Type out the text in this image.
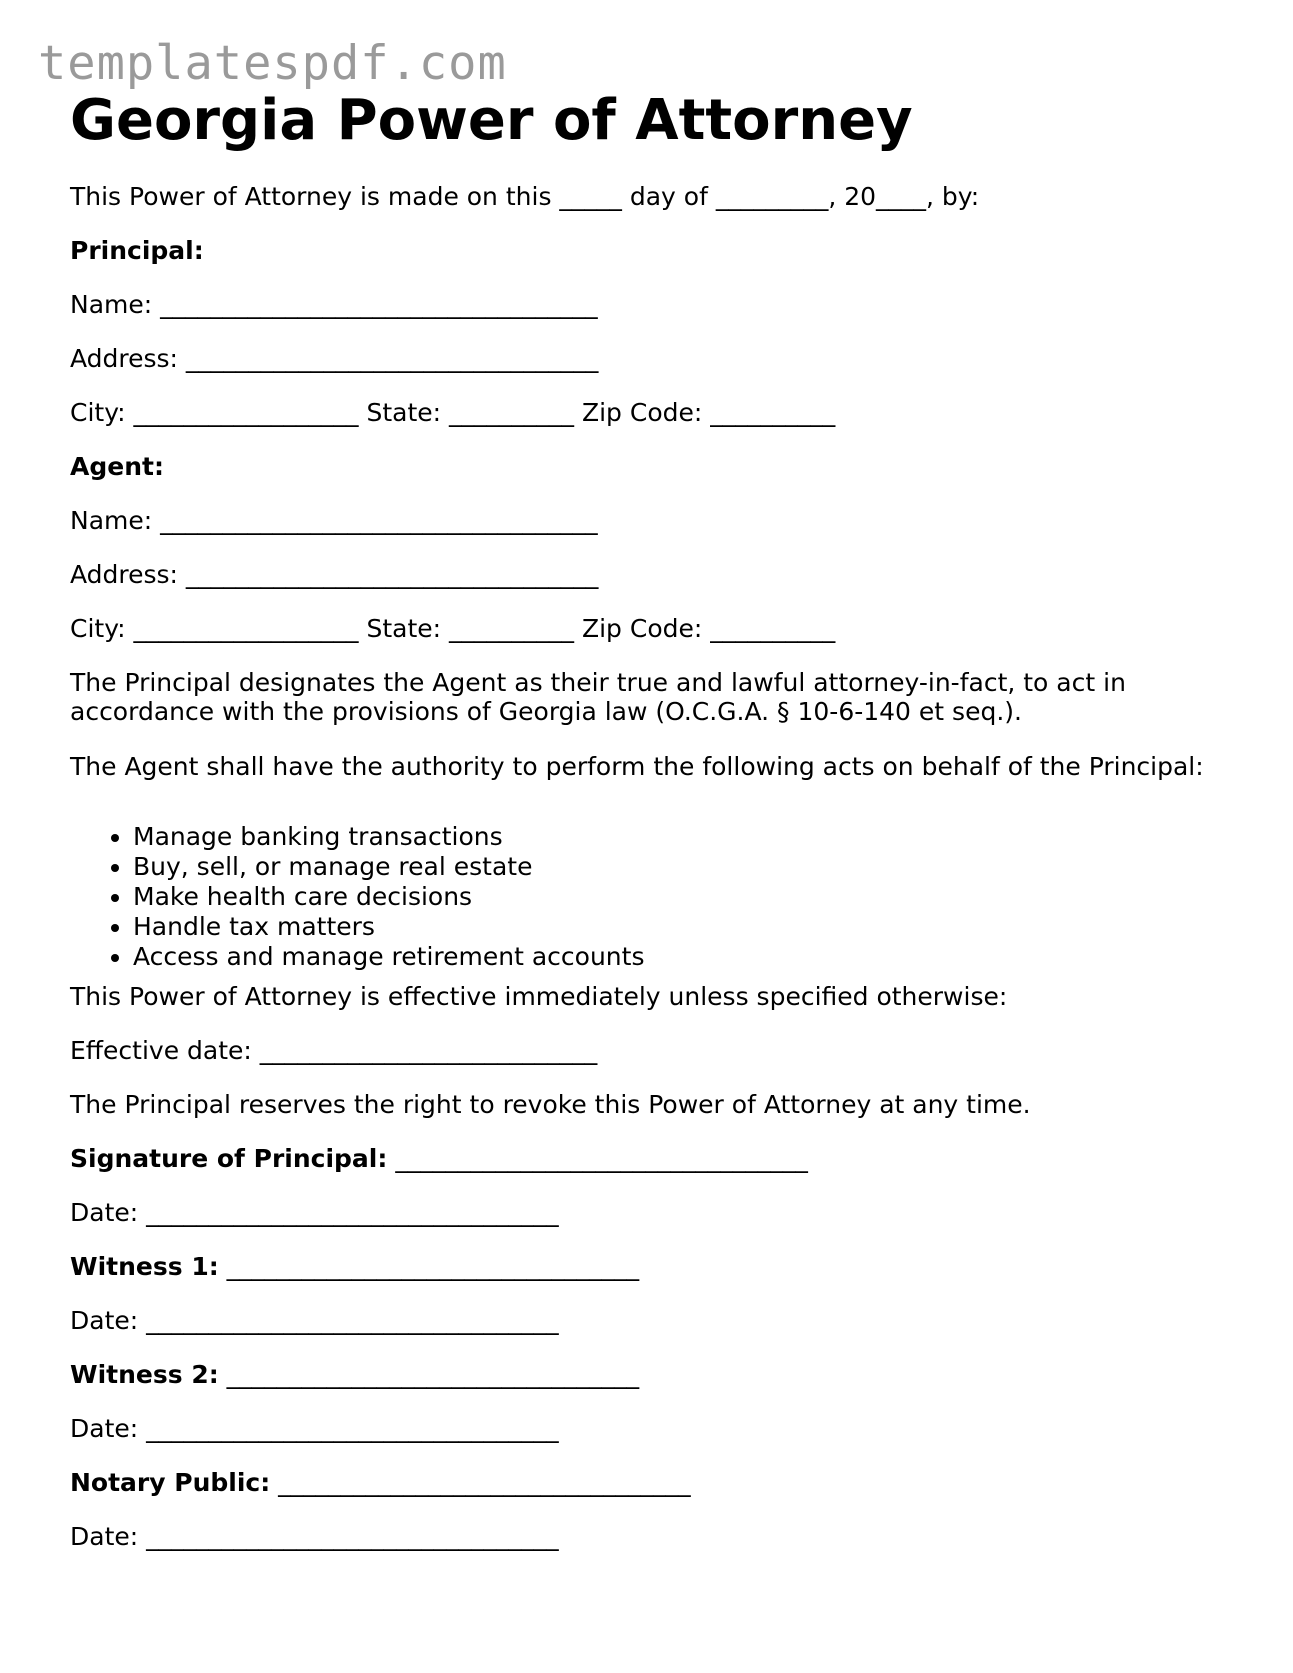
templatespdf.com
Georgia Power of Attorney
This Power of Attorney is made on this _____ day of _________, 20____, by:
Principal:
Name: ___________________________________
Address: _________________________________
City: __________________ State: __________ Zip Code: __________
Agent:
Name: ___________________________________
Address: _________________________________
City: __________________ State: __________ Zip Code: __________

The Principal designates the Agent as their true and lawful attorney-in-fact, to act in accordance with the provisions of Georgia law (O.C.G.A. § 10-6-140 et seq.).

The Agent shall have the authority to perform the following acts on behalf of the Principal:

• Manage banking transactions
• Buy, sell, or manage real estate
• Make health care decisions
• Handle tax matters
• Access and manage retirement accounts

This Power of Attorney is effective immediately unless specified otherwise:

Effective date: ___________________________

The Principal reserves the right to revoke this Power of Attorney at any time.

Signature of Principal: _________________________________
Date: _________________________________
Witness 1: _________________________________
Date: _________________________________
Witness 2: _________________________________
Date: _________________________________
Notary Public: _________________________________
Date: _________________________________
